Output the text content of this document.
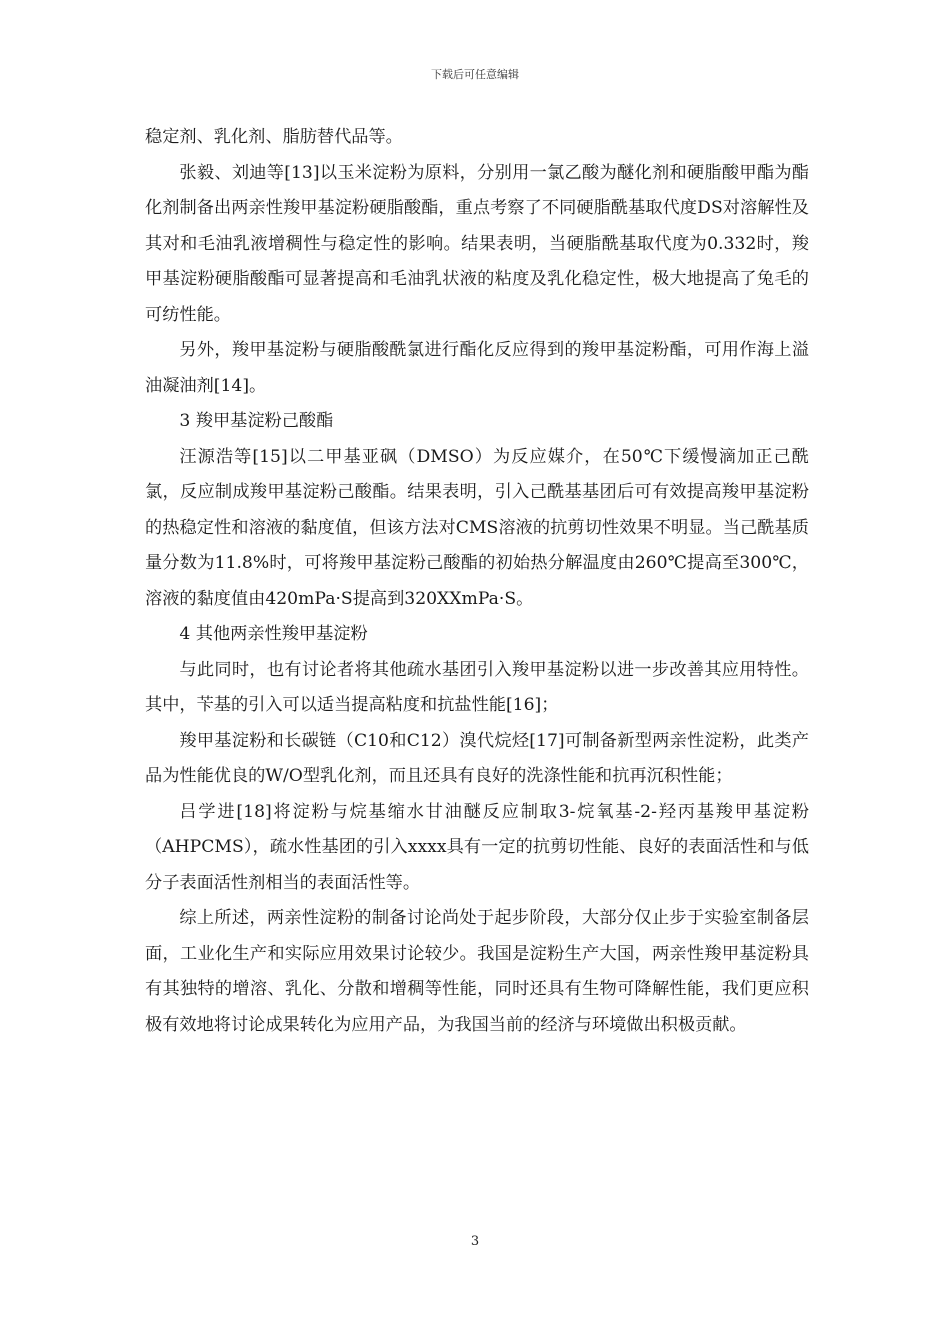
下载后可任意编辑

稳定剂、乳化剂、脂肪替代品等。

张毅、刘迪等[13]以玉米淀粉为原料，分别用一氯乙酸为醚化剂和硬脂酸甲酯为酯化剂制备出两亲性羧甲基淀粉硬脂酸酯，重点考察了不同硬脂酰基取代度DS对溶解性及其对和毛油乳液增稠性与稳定性的影响。结果表明，当硬脂酰基取代度为0.332时，羧甲基淀粉硬脂酸酯可显著提高和毛油乳状液的粘度及乳化稳定性，极大地提高了兔毛的可纺性能。

另外，羧甲基淀粉与硬脂酸酰氯进行酯化反应得到的羧甲基淀粉酯，可用作海上溢油凝油剂[14]。

3 羧甲基淀粉己酸酯

汪源浩等[15]以二甲基亚砜（DMSO）为反应媒介，在50℃下缓慢滴加正己酰氯，反应制成羧甲基淀粉己酸酯。结果表明，引入己酰基基团后可有效提高羧甲基淀粉的热稳定性和溶液的黏度值，但该方法对CMS溶液的抗剪切性效果不明显。当己酰基质量分数为11.8%时，可将羧甲基淀粉己酸酯的初始热分解温度由260℃提高至300℃，溶液的黏度值由420mPa·S提高到320XXmPa·S。

4 其他两亲性羧甲基淀粉

与此同时，也有讨论者将其他疏水基团引入羧甲基淀粉以进一步改善其应用特性。其中，苄基的引入可以适当提高粘度和抗盐性能[16]；

羧甲基淀粉和长碳链（C10和C12）溴代烷烃[17]可制备新型两亲性淀粉，此类产品为性能优良的W/O型乳化剂，而且还具有良好的洗涤性能和抗再沉积性能；

吕学进[18]将淀粉与烷基缩水甘油醚反应制取3-烷氧基-2-羟丙基羧甲基淀粉（AHPCMS），疏水性基团的引入xxxx具有一定的抗剪切性能、良好的表面活性和与低分子表面活性剂相当的表面活性等。

综上所述，两亲性淀粉的制备讨论尚处于起步阶段，大部分仅止步于实验室制备层面，工业化生产和实际应用效果讨论较少。我国是淀粉生产大国，两亲性羧甲基淀粉具有其独特的增溶、乳化、分散和增稠等性能，同时还具有生物可降解性能，我们更应积极有效地将讨论成果转化为应用产品，为我国当前的经济与环境做出积极贡献。

3
